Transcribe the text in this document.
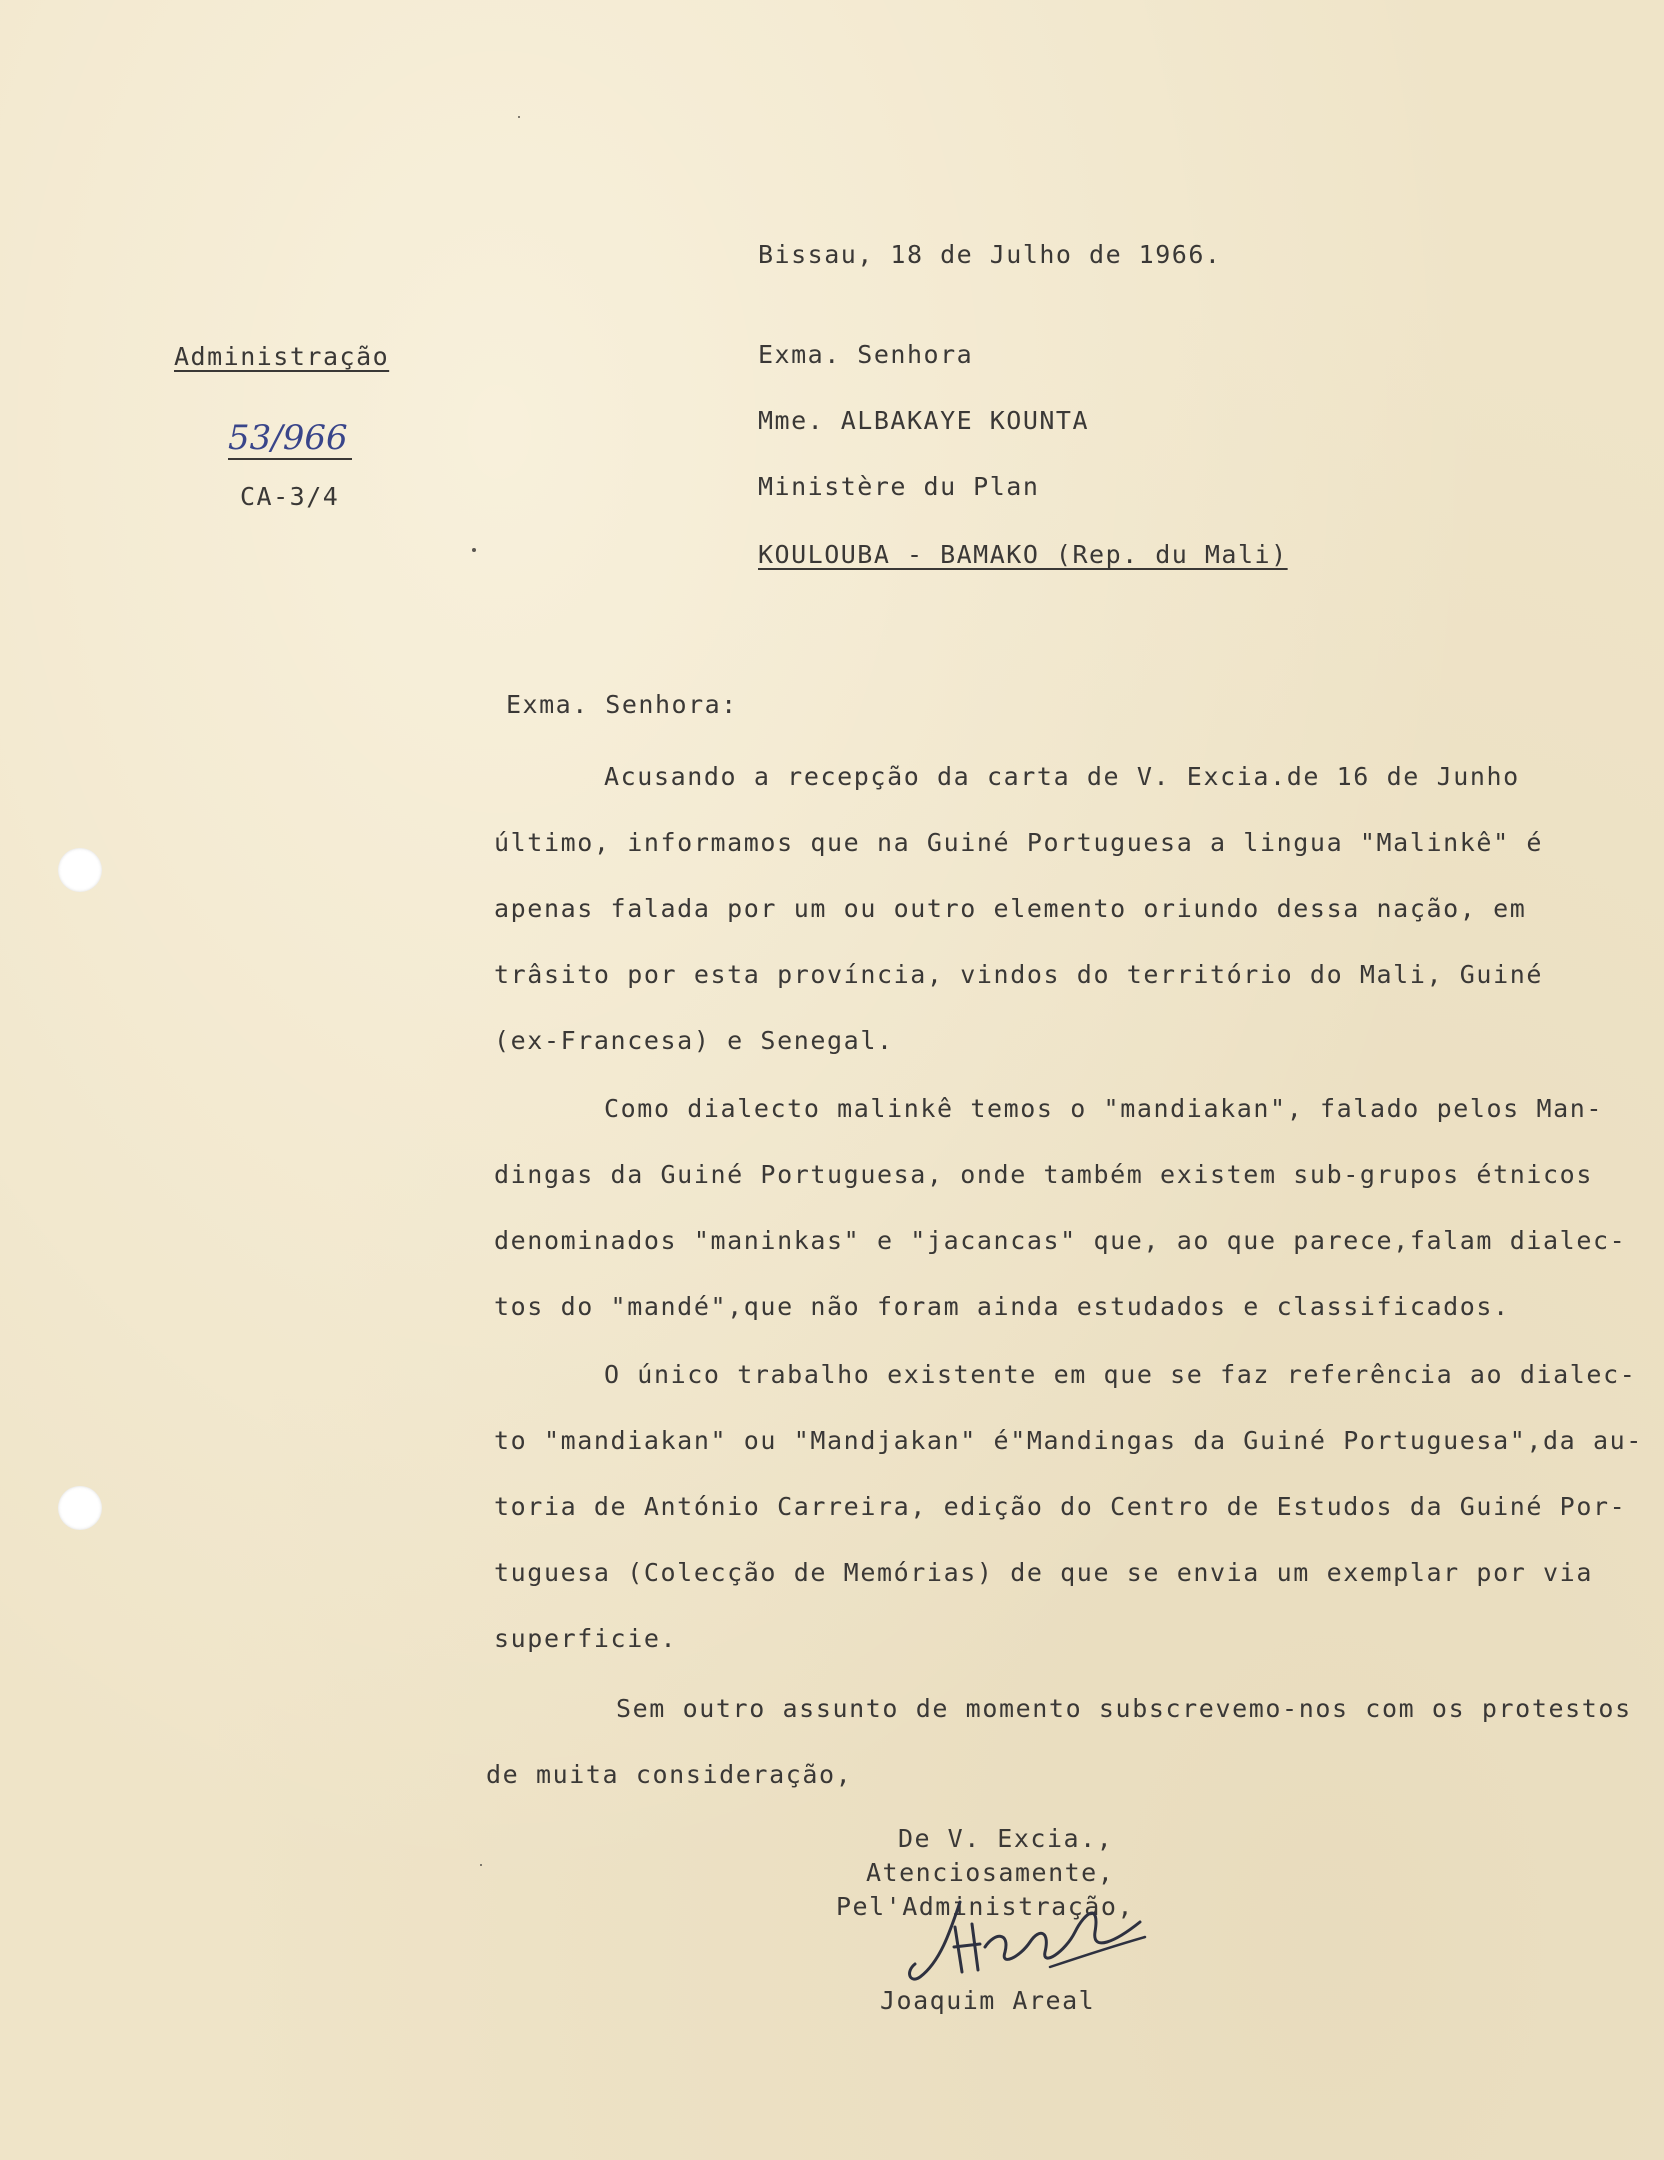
Bissau, 18 de Julho de 1966.
Administração
53/966
CA-3/4
Exma. Senhora
Mme. ALBAKAYE KOUNTA
Ministère du Plan
KOULOUBA - BAMAKO (Rep. du Mali)
Exma. Senhora:
Acusando a recepção da carta de V. Excia.de 16 de Junho
último, informamos que na Guiné Portuguesa a lingua "Malinkê" é
apenas falada por um ou outro elemento oriundo dessa nação, em
trâsito por esta província, vindos do território do Mali, Guiné
(ex-Francesa) e Senegal.
Como dialecto malinkê temos o "mandiakan", falado pelos Man-
dingas da Guiné Portuguesa, onde também existem sub-grupos étnicos
denominados "maninkas" e "jacancas" que, ao que parece,falam dialec-
tos do "mandé",que não foram ainda estudados e classificados.
O único trabalho existente em que se faz referência ao dialec-
to "mandiakan" ou "Mandjakan" é"Mandingas da Guiné Portuguesa",da au-
toria de António Carreira, edição do Centro de Estudos da Guiné Por-
tuguesa (Colecção de Memórias) de que se envia um exemplar por via
superficie.
Sem outro assunto de momento subscrevemo-nos com os protestos
de muita consideração,
De V. Excia.,
Atenciosamente,
Pel'Administração,
Joaquim Areal
